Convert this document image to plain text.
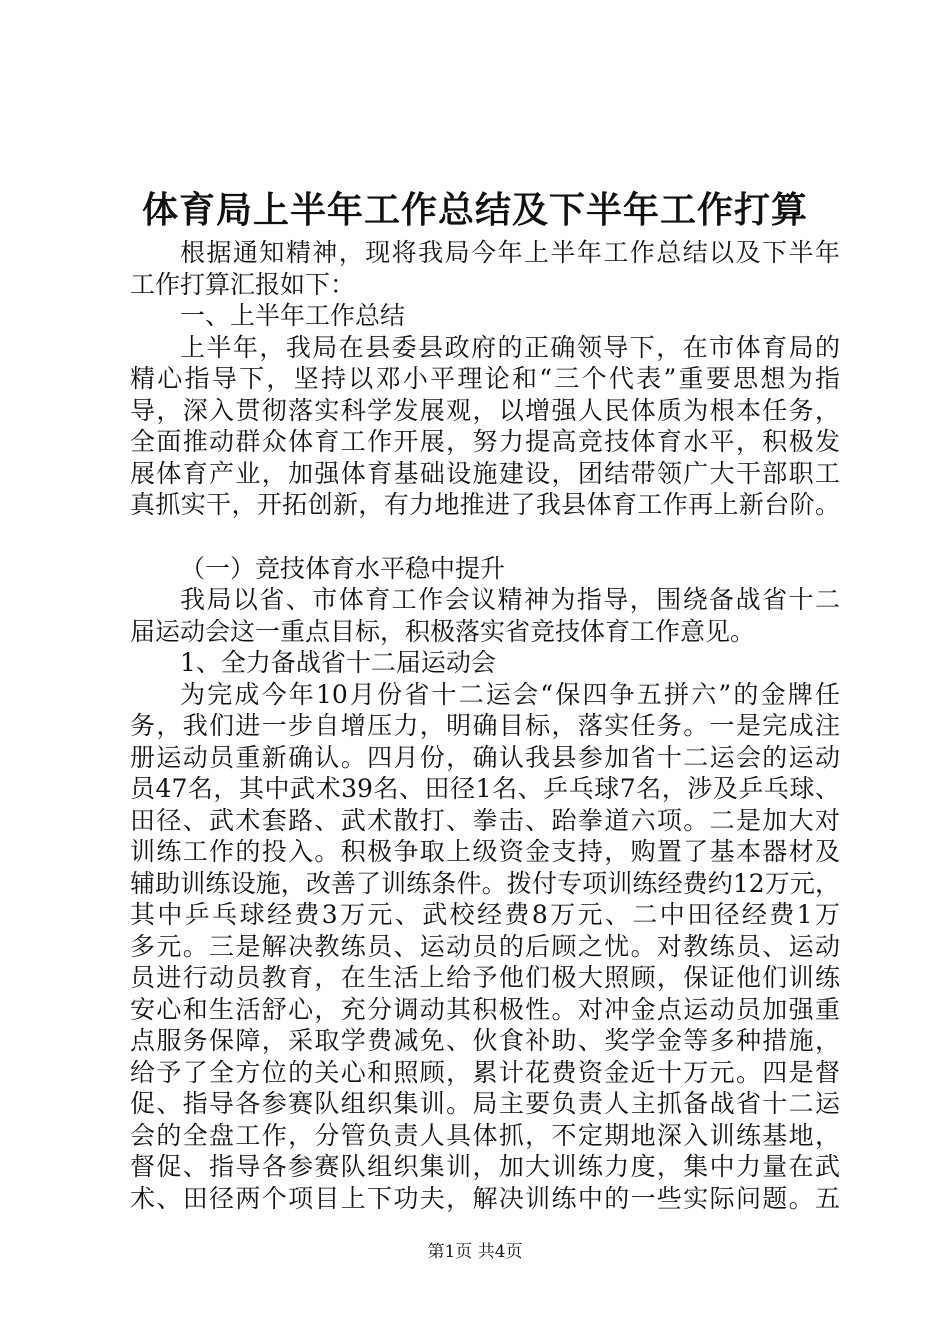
体育局上半年工作总结及下半年工作打算
根据通知精神，现将我局今年上半年工作总结以及下半年
工作打算汇报如下：
一、上半年工作总结
上半年，我局在县委县政府的正确领导下，在市体育局的
精心指导下，坚持以邓小平理论和“三个代表”重要思想为指
导，深入贯彻落实科学发展观，以增强人民体质为根本任务，
全面推动群众体育工作开展，努力提高竞技体育水平，积极发
展体育产业，加强体育基础设施建设，团结带领广大干部职工
真抓实干，开拓创新，有力地推进了我县体育工作再上新台阶。
（一）竞技体育水平稳中提升
我局以省、市体育工作会议精神为指导，围绕备战省十二
届运动会这一重点目标，积极落实省竞技体育工作意见。
1、全力备战省十二届运动会
为完成今年10月份省十二运会“保四争五拼六”的金牌任
务，我们进一步自增压力，明确目标，落实任务。一是完成注
册运动员重新确认。四月份，确认我县参加省十二运会的运动
员47名，其中武术39名、田径1名、乒乓球7名，涉及乒乓球、
田径、武术套路、武术散打、拳击、跆拳道六项。二是加大对
训练工作的投入。积极争取上级资金支持，购置了基本器材及
辅助训练设施，改善了训练条件。拨付专项训练经费约12万元，
其中乒乓球经费3万元、武校经费8万元、二中田径经费1万
多元。三是解决教练员、运动员的后顾之忧。对教练员、运动
员进行动员教育，在生活上给予他们极大照顾，保证他们训练
安心和生活舒心，充分调动其积极性。对冲金点运动员加强重
点服务保障，采取学费减免、伙食补助、奖学金等多种措施，
给予了全方位的关心和照顾，累计花费资金近十万元。四是督
促、指导各参赛队组织集训。局主要负责人主抓备战省十二运
会的全盘工作，分管负责人具体抓，不定期地深入训练基地，
督促、指导各参赛队组织集训，加大训练力度，集中力量在武
术、田径两个项目上下功夫，解决训练中的一些实际问题。五
第1页 共4页
